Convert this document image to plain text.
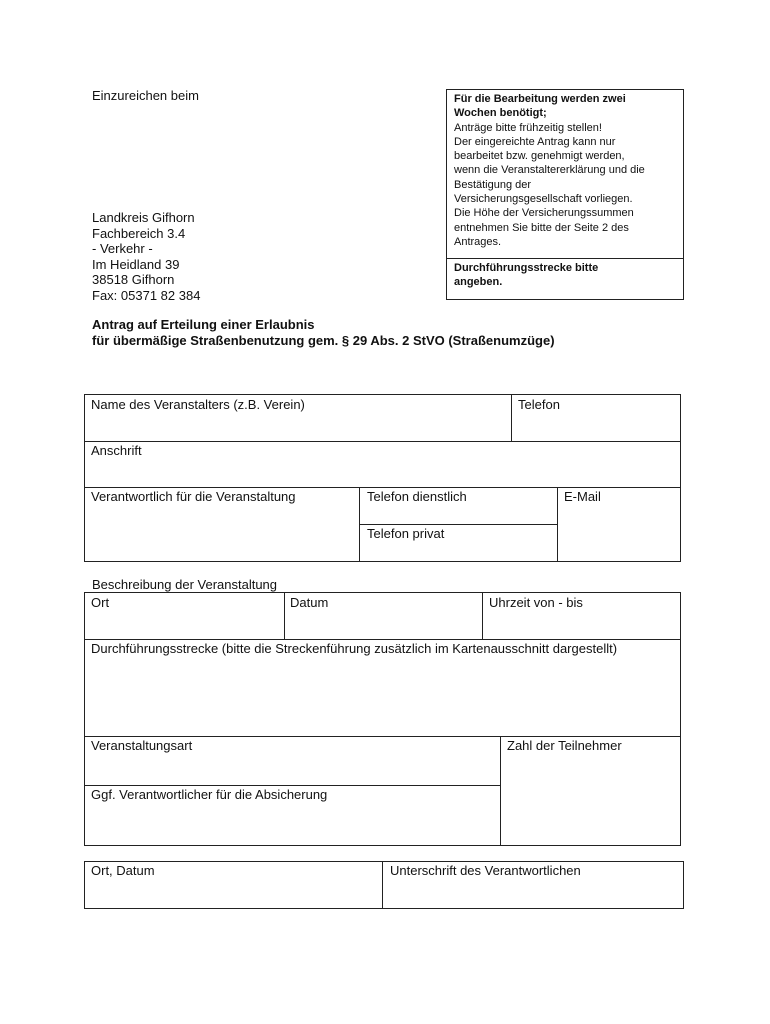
Einzureichen beim
Landkreis Gifhorn
Fachbereich 3.4
- Verkehr -
Im Heidland 39
38518 Gifhorn
Fax: 05371 82 384
Für die Bearbeitung werden zwei
Wochen benötigt;
Anträge bitte frühzeitig stellen!
Der eingereichte Antrag kann nur
bearbeitet bzw. genehmigt werden,
wenn die Veranstaltererklärung und die
Bestätigung der
Versicherungsgesellschaft vorliegen.
Die Höhe der Versicherungssummen
entnehmen Sie bitte der Seite 2 des
Antrages.
Durchführungsstrecke bitte
angeben.
Antrag auf Erteilung einer Erlaubnis
für übermäßige Straßenbenutzung gem. § 29 Abs. 2 StVO (Straßenumzüge)
Name des Veranstalters (z.B. Verein)	Telefon
Anschrift
Verantwortlich für die Veranstaltung	Telefon dienstlich	E-Mail
Telefon privat
Beschreibung der Veranstaltung
Ort	Datum	Uhrzeit von - bis
Durchführungsstrecke (bitte die Streckenführung zusätzlich im Kartenausschnitt dargestellt)
Veranstaltungsart	Zahl der Teilnehmer
Ggf. Verantwortlicher für die Absicherung
Ort, Datum	Unterschrift des Verantwortlichen
